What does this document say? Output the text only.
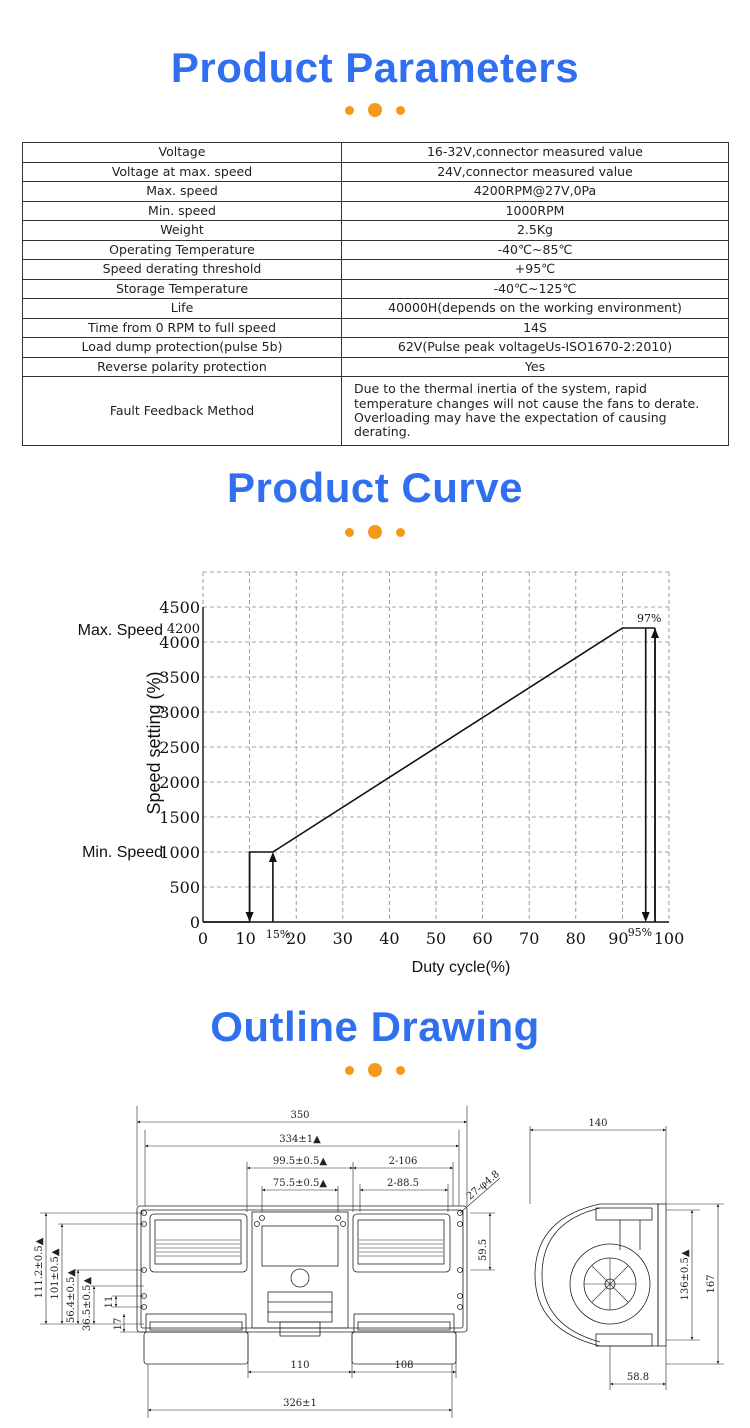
Product Parameters
Voltage	16-32V,connector measured value
Voltage at max. speed	24V,connector measured value
Max. speed	4200RPM@27V,0Pa
Min. speed	1000RPM
Weight	2.5Kg
Operating Temperature	-40℃~85℃
Speed derating threshold	+95℃
Storage Temperature	-40℃~125℃
Life	40000H(depends on the working environment)
Time from 0 RPM to full speed	14S
Load dump protection(pulse 5b)	62V(Pulse peak voltageUs-ISO1670-2:2010)
Reverse polarity protection	Yes
Fault Feedback Method	Due to the thermal inertia of the system, rapid temperature changes will not cause the fans to derate. Overloading may have the expectation of causing derating.
Product Curve
0 10 20 30 40 50 60 70 80 90 100
0
500
1000
1500
2000
2500
3000
3500
4000
4500
4200
Max. Speed
Min. Speed
15%
97%
95%
Duty cycle(%)
Speed setting (%)
Outline Drawing
350
334±1▲
99.5±0.5▲
75.5±0.5▲
2-106
2-88.5	27-φ4.8
59.5
111.2±0.5▲ 101±0.5▲ 56.4±0.5▲ 36.5±0.5▲ 11
17
110	108
326±1
140
136±0.5▲ 167
58.8
